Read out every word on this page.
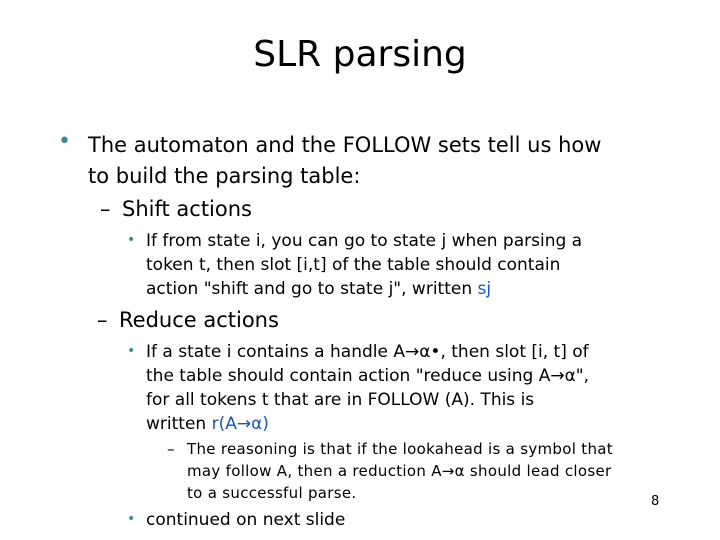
SLR parsing
• The automaton and the FOLLOW sets tell us how
to build the parsing table:
– Shift actions
• If from state i, you can go to state j when parsing a
token t, then slot [i,t] of the table should contain
action "shift and go to state j", written sj
– Reduce actions
• If a state i contains a handle A→α•, then slot [i, t] of
the table should contain action "reduce using A→α",
for all tokens t that are in FOLLOW (A). This is
written r(A→α)
– The reasoning is that if the lookahead is a symbol that
may follow A, then a reduction A→α should lead closer
to a successful parse.
• continued on next slide
8
